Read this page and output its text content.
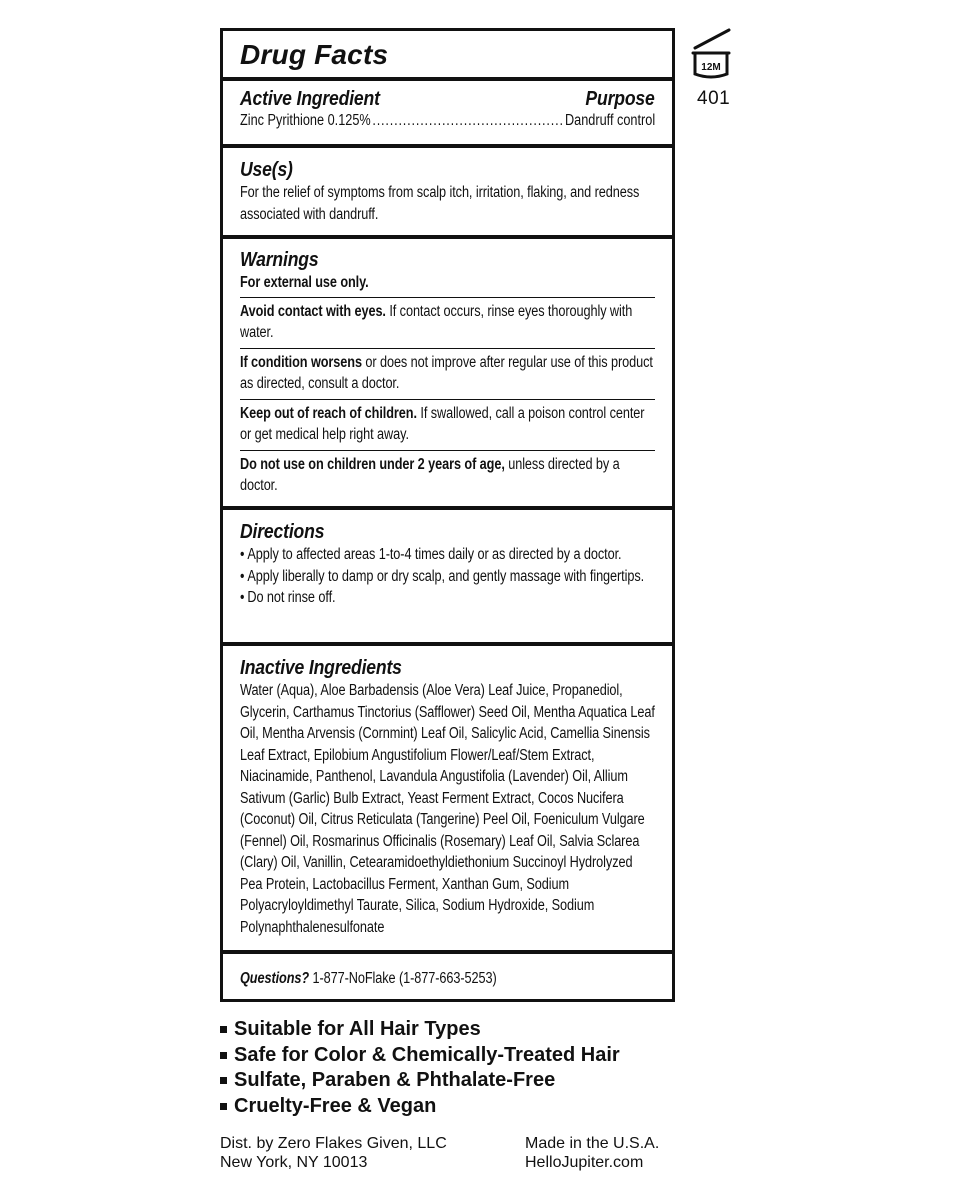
Drug Facts
Active Ingredient	Purpose
Zinc Pyrithione 0.125%
.....	Dandruff control
Use(s)
For the relief of symptoms from scalp itch, irritation, flaking, and redness associated with dandruff.
Warnings
For external use only.
Avoid contact with eyes. If contact occurs, rinse eyes thoroughly with water.
If condition worsens or does not improve after regular use of this product as directed, consult a doctor.
Keep out of reach of children. If swallowed, call a poison control center or get medical help right away.
Do not use on children under 2 years of age, unless directed by a doctor.
Directions
• Apply to affected areas 1-to-4 times daily or as directed by a doctor.
• Apply liberally to damp or dry scalp, and gently massage with fingertips.
• Do not rinse off.
Inactive Ingredients
Water (Aqua), Aloe Barbadensis (Aloe Vera) Leaf Juice, Propanediol, Glycerin, Carthamus Tinctorius (Safflower) Seed Oil, Mentha Aquatica Leaf Oil, Mentha Arvensis (Cornmint) Leaf Oil, Salicylic Acid, Camellia Sinensis Leaf Extract, Epilobium Angustifolium Flower/Leaf/Stem Extract, Niacinamide, Panthenol, Lavandula Angustifolia (Lavender) Oil, Allium Sativum (Garlic) Bulb Extract, Yeast Ferment Extract, Cocos Nucifera (Coconut) Oil, Citrus Reticulata (Tangerine) Peel Oil, Foeniculum Vulgare (Fennel) Oil, Rosmarinus Officinalis (Rosemary) Leaf Oil, Salvia Sclarea (Clary) Oil, Vanillin, Cetearamidoethyldiethonium Succinoyl Hydrolyzed Pea Protein, Lactobacillus Ferment, Xanthan Gum, Sodium Polyacryloyldimethyl Taurate, Silica, Sodium Hydroxide, Sodium Polynaphthalenesulfonate
Questions? 1-877-NoFlake (1-877-663-5253)
12M
401
Suitable for All Hair Types
Safe for Color & Chemically-Treated Hair
Sulfate, Paraben & Phthalate-Free
Cruelty-Free & Vegan
Dist. by Zero Flakes Given, LLC
New York, NY 10013
Made in the U.S.A.
HelloJupiter.com
